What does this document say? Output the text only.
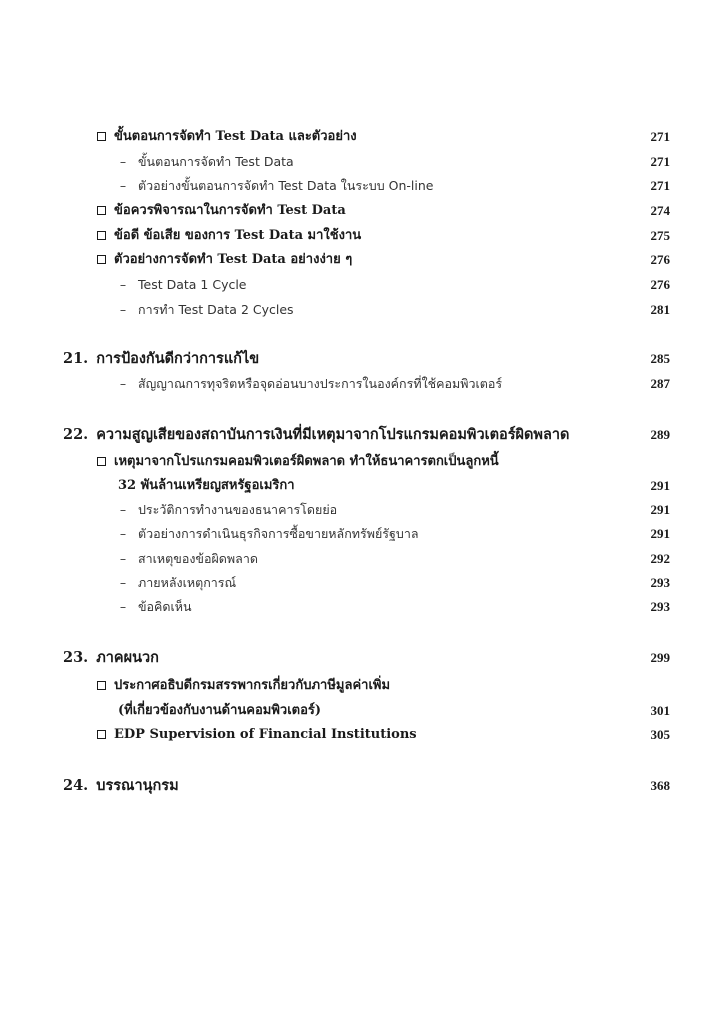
ขั้นตอนการจัดทำ Test Data และตัวอย่าง	271
– ขั้นตอนการจัดทำ Test Data	271
– ตัวอย่างขั้นตอนการจัดทำ Test Data ในระบบ On-line	271
ข้อควรพิจารณาในการจัดทำ Test Data	274
ข้อดี ข้อเสีย ของการ Test Data มาใช้งาน	275
ตัวอย่างการจัดทำ Test Data อย่างง่าย ๆ	276
– Test Data 1 Cycle	276
– การทำ Test Data 2 Cycles	281
21. การป้องกันดีกว่าการแก้ไข	285
– สัญญาณการทุจริตหรือจุดอ่อนบางประการในองค์กรที่ใช้คอมพิวเตอร์	287
22. ความสูญเสียของสถาบันการเงินที่มีเหตุมาจากโปรแกรมคอมพิวเตอร์ผิดพลาด	289
เหตุมาจากโปรแกรมคอมพิวเตอร์ผิดพลาด ทำให้ธนาคารตกเป็นลูกหนี้
32 พันล้านเหรียญสหรัฐอเมริกา	291
– ประวัติการทำงานของธนาคารโดยย่อ	291
– ตัวอย่างการดำเนินธุรกิจการซื้อขายหลักทรัพย์รัฐบาล	291
– สาเหตุของข้อผิดพลาด	292
– ภายหลังเหตุการณ์	293
– ข้อคิดเห็น	293
23. ภาคผนวก	299
ประกาศอธิบดีกรมสรรพากรเกี่ยวกับภาษีมูลค่าเพิ่ม
(ที่เกี่ยวข้องกับงานด้านคอมพิวเตอร์)	301
EDP Supervision of Financial Institutions	305
24. บรรณานุกรม	368
